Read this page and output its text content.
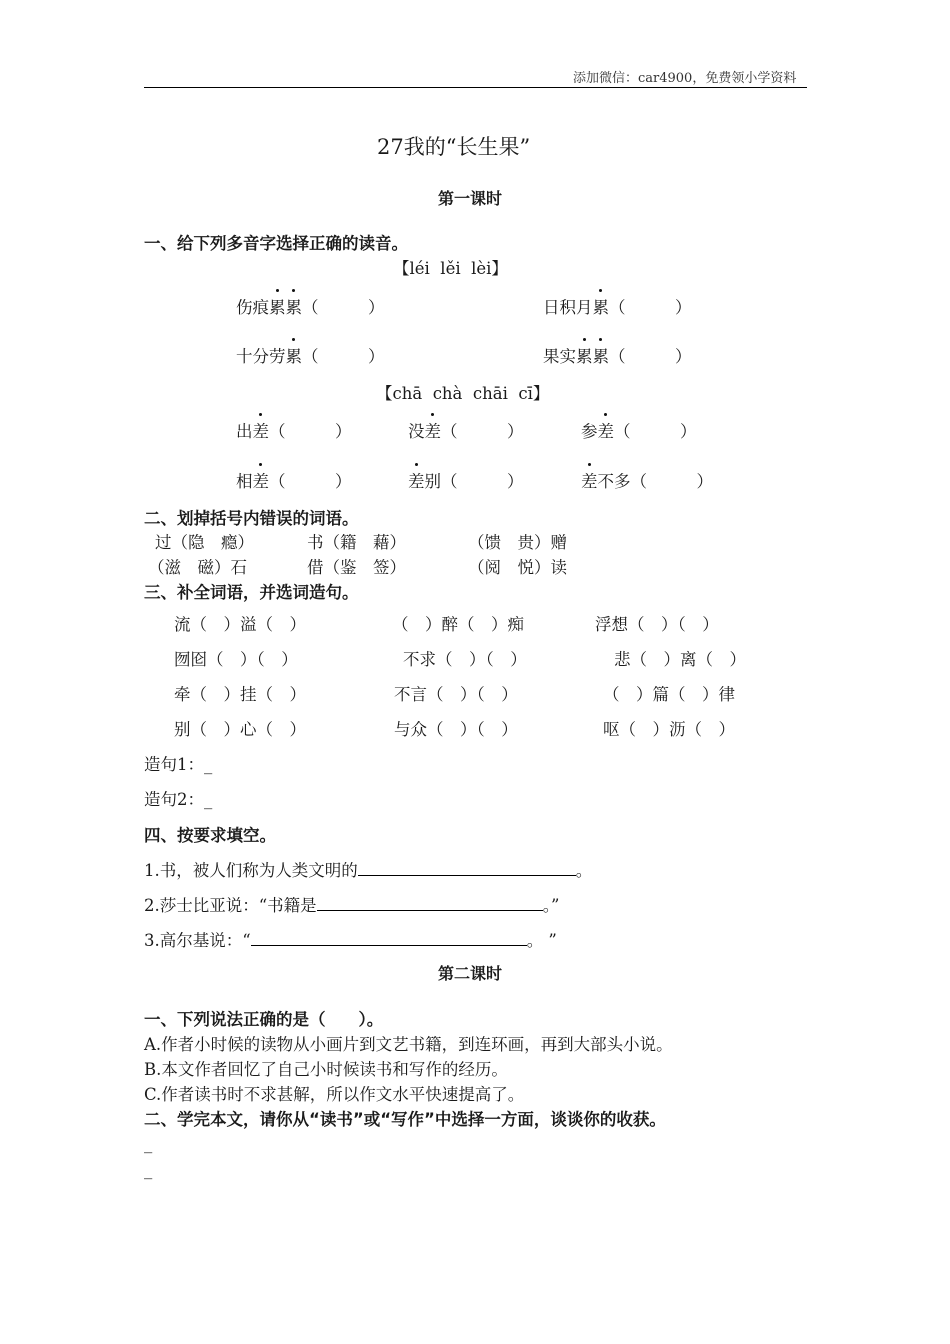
添加微信：car4900，免费领小学资料
27我的“长生果”
第一课时
一、给下列多音字选择正确的读音。
【léi  lěi  lèi】
伤痕累累（　　　）	日积月累（　　　）
十分劳累（　　　）	果实累累（　　　）
【chā  chà  chāi  cī】
出差（　　　）	没差（　　　）	参差（　　　）
相差（　　　）	差别（　　　）	差不多（　　　）
二、划掉括号内错误的词语。
过（隐　瘾）	书（籍　藉）	（馈　贵）赠
（滋　磁）石	借（鉴　签）	（阅　悦）读
三、补全词语，并选词造句。
流（　）溢（　）	（　）醉（　）痴	浮想（　）（　）
囫囵（　）（　）	不求（　）（　）	悲（　）离（　）
牵（　）挂（　）	不言（　）（　）	（　）篇（　）律
别（　）心（　）	与众（　）（　）	呕（　）沥（　）
造句1：_
造句2：_
四、按要求填空。
1.书，被人们称为人类文明的	。
2.莎士比亚说：“书籍是	。”
3.高尔基说：“	。 ”
第二课时
一、下列说法正确的是（　　）。
A.作者小时候的读物从小画片到文艺书籍，到连环画，再到大部头小说。
B.本文作者回忆了自己小时候读书和写作的经历。
C.作者读书时不求甚解，所以作文水平快速提高了。
二、学完本文，请你从“读书”或“写作”中选择一方面，谈谈你的收获。
_
_
